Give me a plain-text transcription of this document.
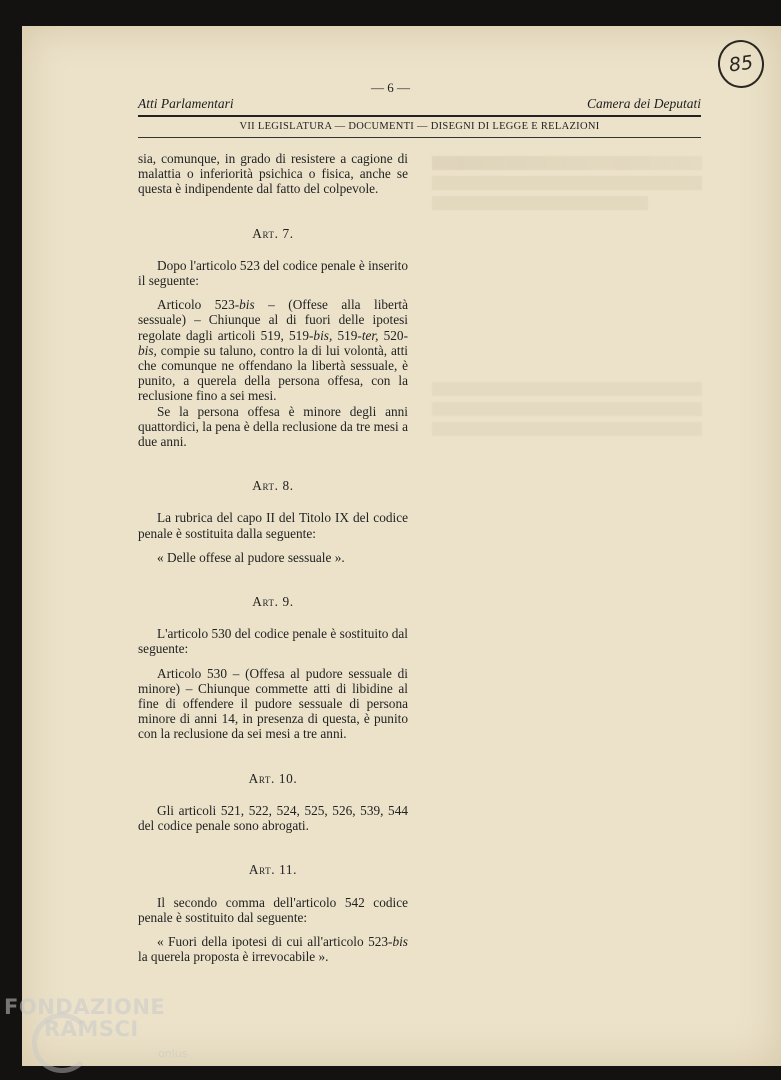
85
— 6 —
Atti Parlamentari	Camera dei Deputati
VII LEGISLATURA — DOCUMENTI — DISEGNI DI LEGGE E RELAZIONI

sia, comunque, in grado di resistere a cagione di malattia o inferiorità psichica o fisica, anche se questa è indipendente dal fatto del colpevole.

Art. 7.

Dopo l'articolo 523 del codice penale è inserito il seguente:

Articolo 523-bis – (Offese alla libertà sessuale) – Chiunque al di fuori delle ipotesi regolate dagli articoli 519, 519-bis, 519-ter, 520-bis, compie su taluno, contro la di lui volontà, atti che comunque ne offendano la libertà sessuale, è punito, a querela della persona offesa, con la reclusione fino a sei mesi.

Se la persona offesa è minore degli anni quattordici, la pena è della reclusione da tre mesi a due anni.

Art. 8.

La rubrica del capo II del Titolo IX del codice penale è sostituita dalla seguente:

« Delle offese al pudore sessuale ».

Art. 9.

L'articolo 530 del codice penale è sostituito dal seguente:

Articolo 530 – (Offesa al pudore sessuale di minore) – Chiunque commette atti di libidine al fine di offendere il pudore sessuale di persona minore di anni 14, in presenza di questa, è punito con la reclusione da sei mesi a tre anni.

Art. 10.

Gli articoli 521, 522, 524, 525, 526, 539, 544 del codice penale sono abrogati.

Art. 11.

Il secondo comma dell'articolo 542 codice penale è sostituito dal seguente:

« Fuori della ipotesi di cui all'articolo 523-bis la querela proposta è irrevocabile ».

FONDAZIONE
RAMSCI
onlus
